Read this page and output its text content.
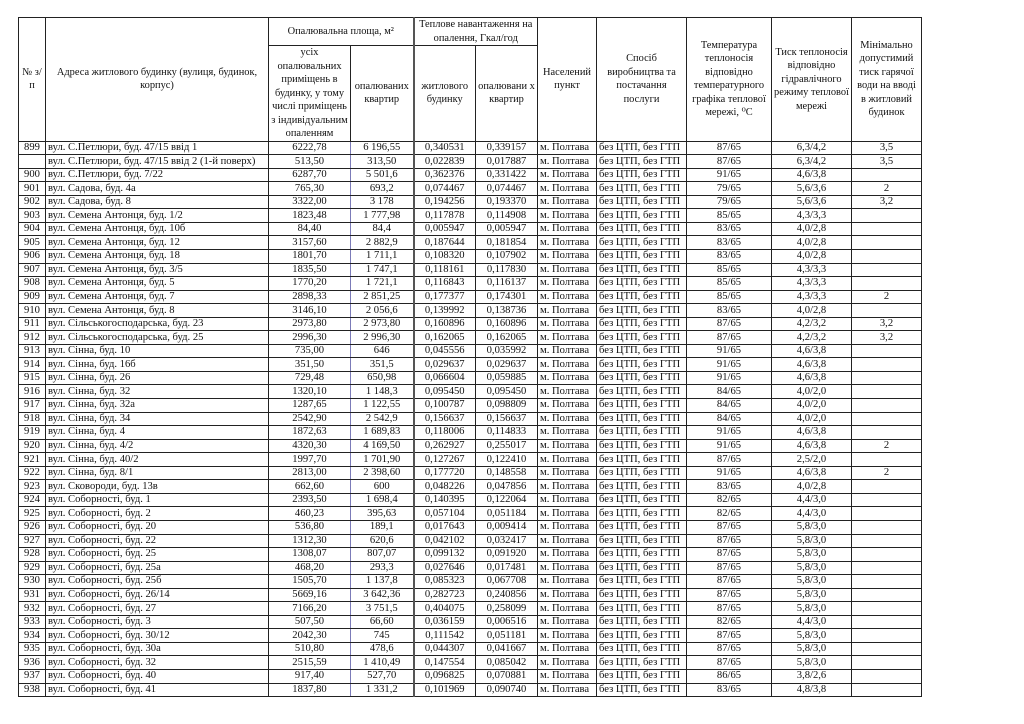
№ з/п	Адреса житлового будинку (вулиця, будинок, корпус)	Опалювальна площа, м²		Теплове навантаження на опалення, Гкал/год		Населений пункт	Спосіб виробництва та постачання послуги	Температура теплоносія відповідно температурного графіка теплової мережі, ⁰С	Тиск теплоносія відповідно гідравлічного режиму теплової мережі	Мінімально допустимий тиск гарячої води на вводі в житловий будинок
		усіх опалювальних приміщень в будинку, у тому числі приміщень з індивідуальним опаленням	опалюваних квартир	житлового будинку	опалювани х квартир					
899	вул. С.Петлюри, буд. 47/15 ввід 1	6222,78	6 196,55	0,340531	0,339157	м. Полтава	без ЦТП, без ГТП	87/65	6,3/4,2	3,5
	вул. С.Петлюри, буд. 47/15 ввід 2 (1-й поверх)	513,50	313,50	0,022839	0,017887	м. Полтава	без ЦТП, без ГТП	87/65	6,3/4,2	3,5
900	вул. С.Петлюри, буд. 7/22	6287,70	5 501,6	0,362376	0,331422	м. Полтава	без ЦТП, без ГТП	91/65	4,6/3,8	
901	вул. Садова, буд. 4а	765,30	693,2	0,074467	0,074467	м. Полтава	без ЦТП, без ГТП	79/65	5,6/3,6	2
902	вул. Садова, буд. 8	3322,00	3 178	0,194256	0,193370	м. Полтава	без ЦТП, без ГТП	79/65	5,6/3,6	3,2
903	вул. Семена Антонця, буд. 1/2	1823,48	1 777,98	0,117878	0,114908	м. Полтава	без ЦТП, без ГТП	85/65	4,3/3,3	
904	вул. Семена Антонця, буд. 10б	84,40	84,4	0,005947	0,005947	м. Полтава	без ЦТП, без ГТП	83/65	4,0/2,8	
905	вул. Семена Антонця, буд. 12	3157,60	2 882,9	0,187644	0,181854	м. Полтава	без ЦТП, без ГТП	83/65	4,0/2,8	
906	вул. Семена Антонця, буд. 18	1801,70	1 711,1	0,108320	0,107902	м. Полтава	без ЦТП, без ГТП	83/65	4,0/2,8	
907	вул. Семена Антонця, буд. 3/5	1835,50	1 747,1	0,118161	0,117830	м. Полтава	без ЦТП, без ГТП	85/65	4,3/3,3	
908	вул. Семена Антонця, буд. 5	1770,20	1 721,1	0,116843	0,116137	м. Полтава	без ЦТП, без ГТП	85/65	4,3/3,3	
909	вул. Семена Антонця, буд. 7	2898,33	2 851,25	0,177377	0,174301	м. Полтава	без ЦТП, без ГТП	85/65	4,3/3,3	2
910	вул. Семена Антонця, буд. 8	3146,10	2 056,6	0,139992	0,138736	м. Полтава	без ЦТП, без ГТП	83/65	4,0/2,8	
911	вул. Сільськогосподарська, буд. 23	2973,80	2 973,80	0,160896	0,160896	м. Полтава	без ЦТП, без ГТП	87/65	4,2/3,2	3,2
912	вул. Сільськогосподарська, буд. 25	2996,30	2 996,30	0,162065	0,162065	м. Полтава	без ЦТП, без ГТП	87/65	4,2/3,2	3,2
913	вул. Сінна, буд. 10	735,00	646	0,045556	0,035992	м. Полтава	без ЦТП, без ГТП	91/65	4,6/3,8	
914	вул. Сінна, буд. 16б	351,50	351,5	0,029637	0,029637	м. Полтава	без ЦТП, без ГТП	91/65	4,6/3,8	
915	вул. Сінна, буд. 26	729,48	650,98	0,066604	0,059885	м. Полтава	без ЦТП, без ГТП	91/65	4,6/3,8	
916	вул. Сінна, буд. 32	1320,10	1 148,3	0,095450	0,095450	м. Полтава	без ЦТП, без ГТП	84/65	4,0/2,0	
917	вул. Сінна, буд. 32а	1287,65	1 122,55	0,100787	0,098809	м. Полтава	без ЦТП, без ГТП	84/65	4,0/2,0	
918	вул. Сінна, буд. 34	2542,90	2 542,9	0,156637	0,156637	м. Полтава	без ЦТП, без ГТП	84/65	4,0/2,0	
919	вул. Сінна, буд. 4	1872,63	1 689,83	0,118006	0,114833	м. Полтава	без ЦТП, без ГТП	91/65	4,6/3,8	
920	вул. Сінна, буд. 4/2	4320,30	4 169,50	0,262927	0,255017	м. Полтава	без ЦТП, без ГТП	91/65	4,6/3,8	2
921	вул. Сінна, буд. 40/2	1997,70	1 701,90	0,127267	0,122410	м. Полтава	без ЦТП, без ГТП	87/65	2,5/2,0	
922	вул. Сінна, буд. 8/1	2813,00	2 398,60	0,177720	0,148558	м. Полтава	без ЦТП, без ГТП	91/65	4,6/3,8	2
923	вул. Сковороди, буд. 13в	662,60	600	0,048226	0,047856	м. Полтава	без ЦТП, без ГТП	83/65	4,0/2,8	
924	вул. Соборності, буд. 1	2393,50	1 698,4	0,140395	0,122064	м. Полтава	без ЦТП, без ГТП	82/65	4,4/3,0	
925	вул. Соборності, буд. 2	460,23	395,63	0,057104	0,051184	м. Полтава	без ЦТП, без ГТП	82/65	4,4/3,0	
926	вул. Соборності, буд. 20	536,80	189,1	0,017643	0,009414	м. Полтава	без ЦТП, без ГТП	87/65	5,8/3,0	
927	вул. Соборності, буд. 22	1312,30	620,6	0,042102	0,032417	м. Полтава	без ЦТП, без ГТП	87/65	5,8/3,0	
928	вул. Соборності, буд. 25	1308,07	807,07	0,099132	0,091920	м. Полтава	без ЦТП, без ГТП	87/65	5,8/3,0	
929	вул. Соборності, буд. 25а	468,20	293,3	0,027646	0,017481	м. Полтава	без ЦТП, без ГТП	87/65	5,8/3,0	
930	вул. Соборності, буд. 25б	1505,70	1 137,8	0,085323	0,067708	м. Полтава	без ЦТП, без ГТП	87/65	5,8/3,0	
931	вул. Соборності, буд. 26/14	5669,16	3 642,36	0,282723	0,240856	м. Полтава	без ЦТП, без ГТП	87/65	5,8/3,0	
932	вул. Соборності, буд. 27	7166,20	3 751,5	0,404075	0,258099	м. Полтава	без ЦТП, без ГТП	87/65	5,8/3,0	
933	вул. Соборності, буд. 3	507,50	66,60	0,036159	0,006516	м. Полтава	без ЦТП, без ГТП	82/65	4,4/3,0	
934	вул. Соборності, буд. 30/12	2042,30	745	0,111542	0,051181	м. Полтава	без ЦТП, без ГТП	87/65	5,8/3,0	
935	вул. Соборності, буд. 30а	510,80	478,6	0,044307	0,041667	м. Полтава	без ЦТП, без ГТП	87/65	5,8/3,0	
936	вул. Соборності, буд. 32	2515,59	1 410,49	0,147554	0,085042	м. Полтава	без ЦТП, без ГТП	87/65	5,8/3,0	
937	вул. Соборності, буд. 40	917,40	527,70	0,096825	0,070881	м. Полтава	без ЦТП, без ГТП	86/65	3,8/2,6	
938	вул. Соборності, буд. 41	1837,80	1 331,2	0,101969	0,090740	м. Полтава	без ЦТП, без ГТП	83/65	4,8/3,8	
